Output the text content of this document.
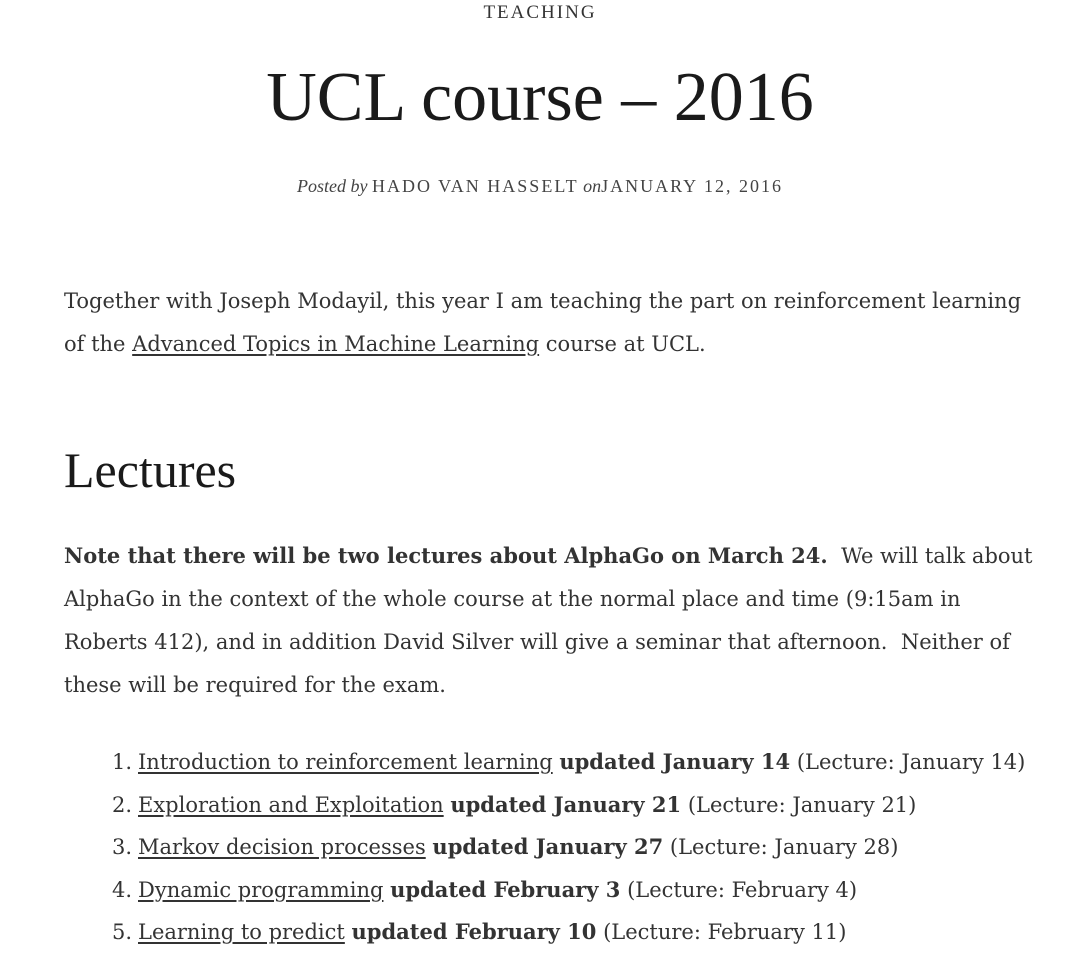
TEACHING
UCL course – 2016
Posted by HADO VAN HASSELT onJANUARY 12, 2016

Together with Joseph Modayil, this year I am teaching the part on reinforcement learning of the Advanced Topics in Machine Learning course at UCL.

Lectures

Note that there will be two lectures about AlphaGo on March 24.  We will talk about AlphaGo in the context of the whole course at the normal place and time (9:15am in Roberts 412), and in addition David Silver will give a seminar that afternoon.  Neither of these will be required for the exam.

1. Introduction to reinforcement learning updated January 14 (Lecture: January 14)
2. Exploration and Exploitation updated January 21 (Lecture: January 21)
3. Markov decision processes updated January 27 (Lecture: January 28)
4. Dynamic programming updated February 3 (Lecture: February 4)
5. Learning to predict updated February 10 (Lecture: February 11)
